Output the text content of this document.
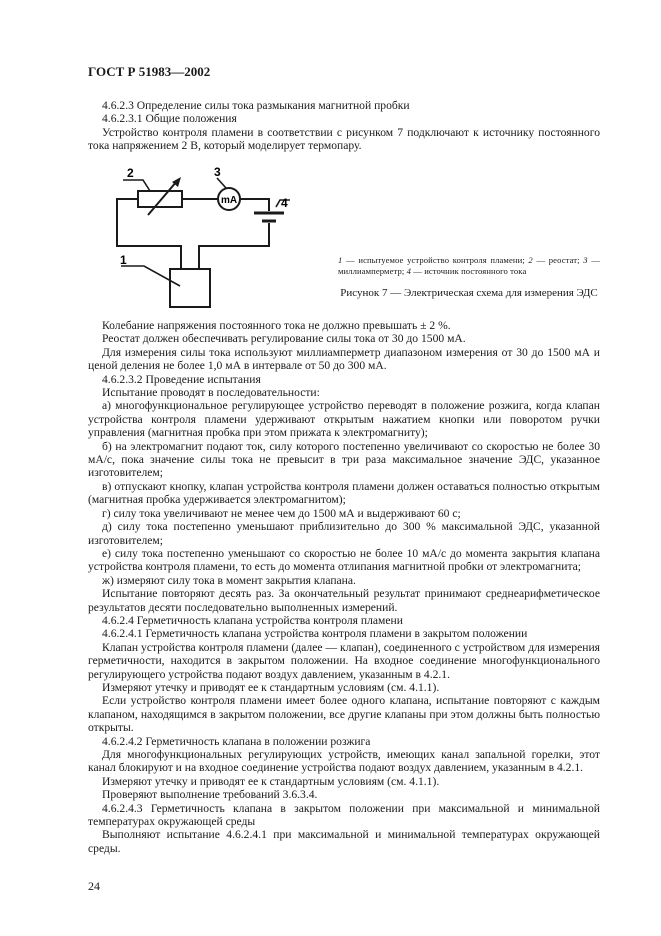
ГОСТ Р 51983—2002

4.6.2.3 Определение силы тока размыкания магнитной пробки

4.6.2.3.1 Общие положения

Устройство контроля пламени в соответствии с рисунком 7 подключают к источнику постоянного тока напряжением 2 В, который моделирует термопару.

1
2	3
4
mA
1 — испытуемое устройство контроля пламени; 2 — реостат; 3 — миллиамперметр; 4 — источник постоянного тока
Рисунок 7 — Электрическая схема для измерения ЭДС

Колебание напряжения постоянного тока не должно превышать ± 2 %.

Реостат должен обеспечивать регулирование силы тока от 30 до 1500 мА.

Для измерения силы тока используют миллиамперметр диапазоном измерения от 30 до 1500 мА и ценой деления не более 1,0 мА в интервале от 50 до 300 мА.

4.6.2.3.2 Проведение испытания

Испытание проводят в последовательности:

а) многофункциональное регулирующее устройство переводят в положение розжига, когда клапан устройства контроля пламени удерживают открытым нажатием кнопки или поворотом ручки управления (магнитная пробка при этом прижата к электромагниту);

б) на электромагнит подают ток, силу которого постепенно увеличивают со скоростью не более 30 мА/с, пока значение силы тока не превысит в три раза максимальное значение ЭДС, указанное изготовителем;

в) отпускают кнопку, клапан устройства контроля пламени должен оставаться полностью открытым (магнитная пробка удерживается электромагнитом);

г) силу тока увеличивают не менее чем до 1500 мА и выдерживают 60 с;

д) силу тока постепенно уменьшают приблизительно до 300 % максимальной ЭДС, указанной изготовителем;

е) силу тока постепенно уменьшают со скоростью не более 10 мА/с до момента закрытия клапана устройства контроля пламени, то есть до момента отлипания магнитной пробки от электромагнита;

ж) измеряют силу тока в момент закрытия клапана.

Испытание повторяют десять раз. За окончательный результат принимают среднеарифметическое результатов десяти последовательно выполненных измерений.

4.6.2.4 Герметичность клапана устройства контроля пламени

4.6.2.4.1 Герметичность клапана устройства контроля пламени в закрытом положении

Клапан устройства контроля пламени (далее — клапан), соединенного с устройством для измерения герметичности, находится в закрытом положении. На входное соединение многофункционального регулирующего устройства подают воздух давлением, указанным в 4.2.1.

Измеряют утечку и приводят ее к стандартным условиям (см. 4.1.1).

Если устройство контроля пламени имеет более одного клапана, испытание повторяют с каждым клапаном, находящимся в закрытом положении, все другие клапаны при этом должны быть полностью открыты.

4.6.2.4.2 Герметичность клапана в положении розжига

Для многофункциональных регулирующих устройств, имеющих канал запальной горелки, этот канал блокируют и на входное соединение устройства подают воздух давлением, указанным в 4.2.1.

Измеряют утечку и приводят ее к стандартным условиям (см. 4.1.1).

Проверяют выполнение требований 3.6.3.4.

4.6.2.4.3 Герметичность клапана в закрытом положении при максимальной и минимальной температурах окружающей среды

Выполняют испытание 4.6.2.4.1 при максимальной и минимальной температурах окружающей среды.

24
